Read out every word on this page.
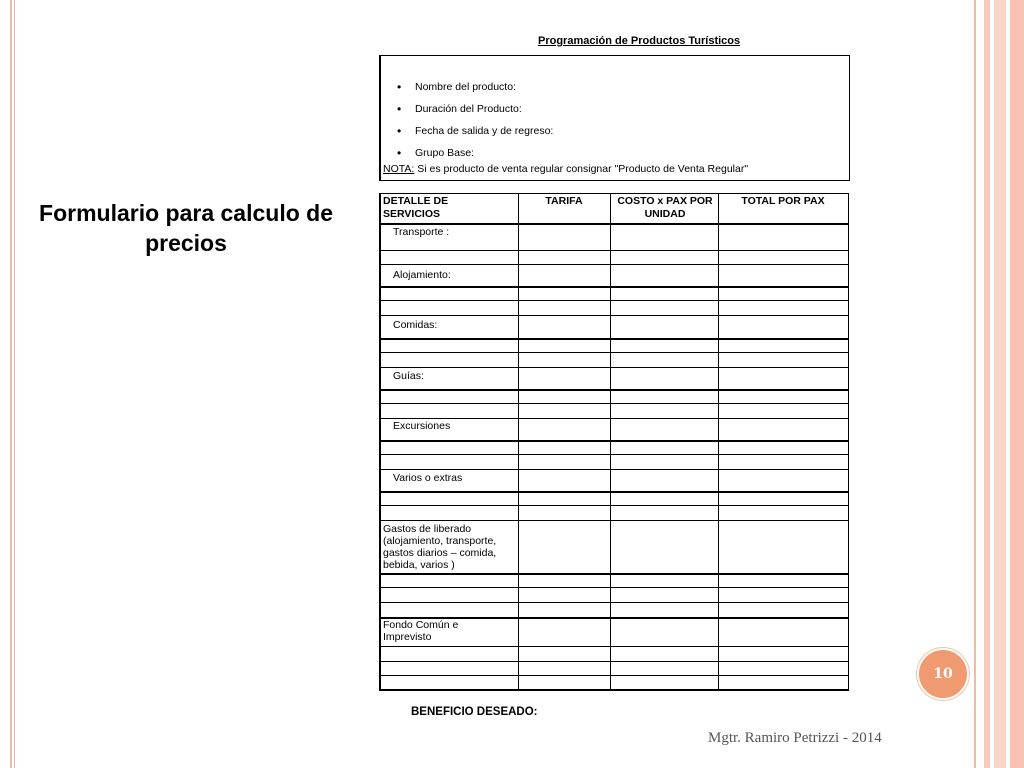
Formulario para calculo de precios
Programación de Productos Turísticos
• Nombre del producto:
• Duración del Producto:
• Fecha de salida y de regreso:
• Grupo Base:
NOTA: Si es producto de venta regular consignar "Producto de Venta Regular"
DETALLE DE SERVICIOS
TARIFA	COSTO x PAX POR UNIDAD
TOTAL POR PAX
Transporte :
Alojamiento:
Comidas:
Guías:
Excursiones
Varios o extras
Gastos de liberado (alojamiento, transporte, gastos diarios – comida, bebida, varios )
Fondo Común e Imprevisto
BENEFICIO DESEADO:
10
Mgtr. Ramiro Petrizzi - 2014
